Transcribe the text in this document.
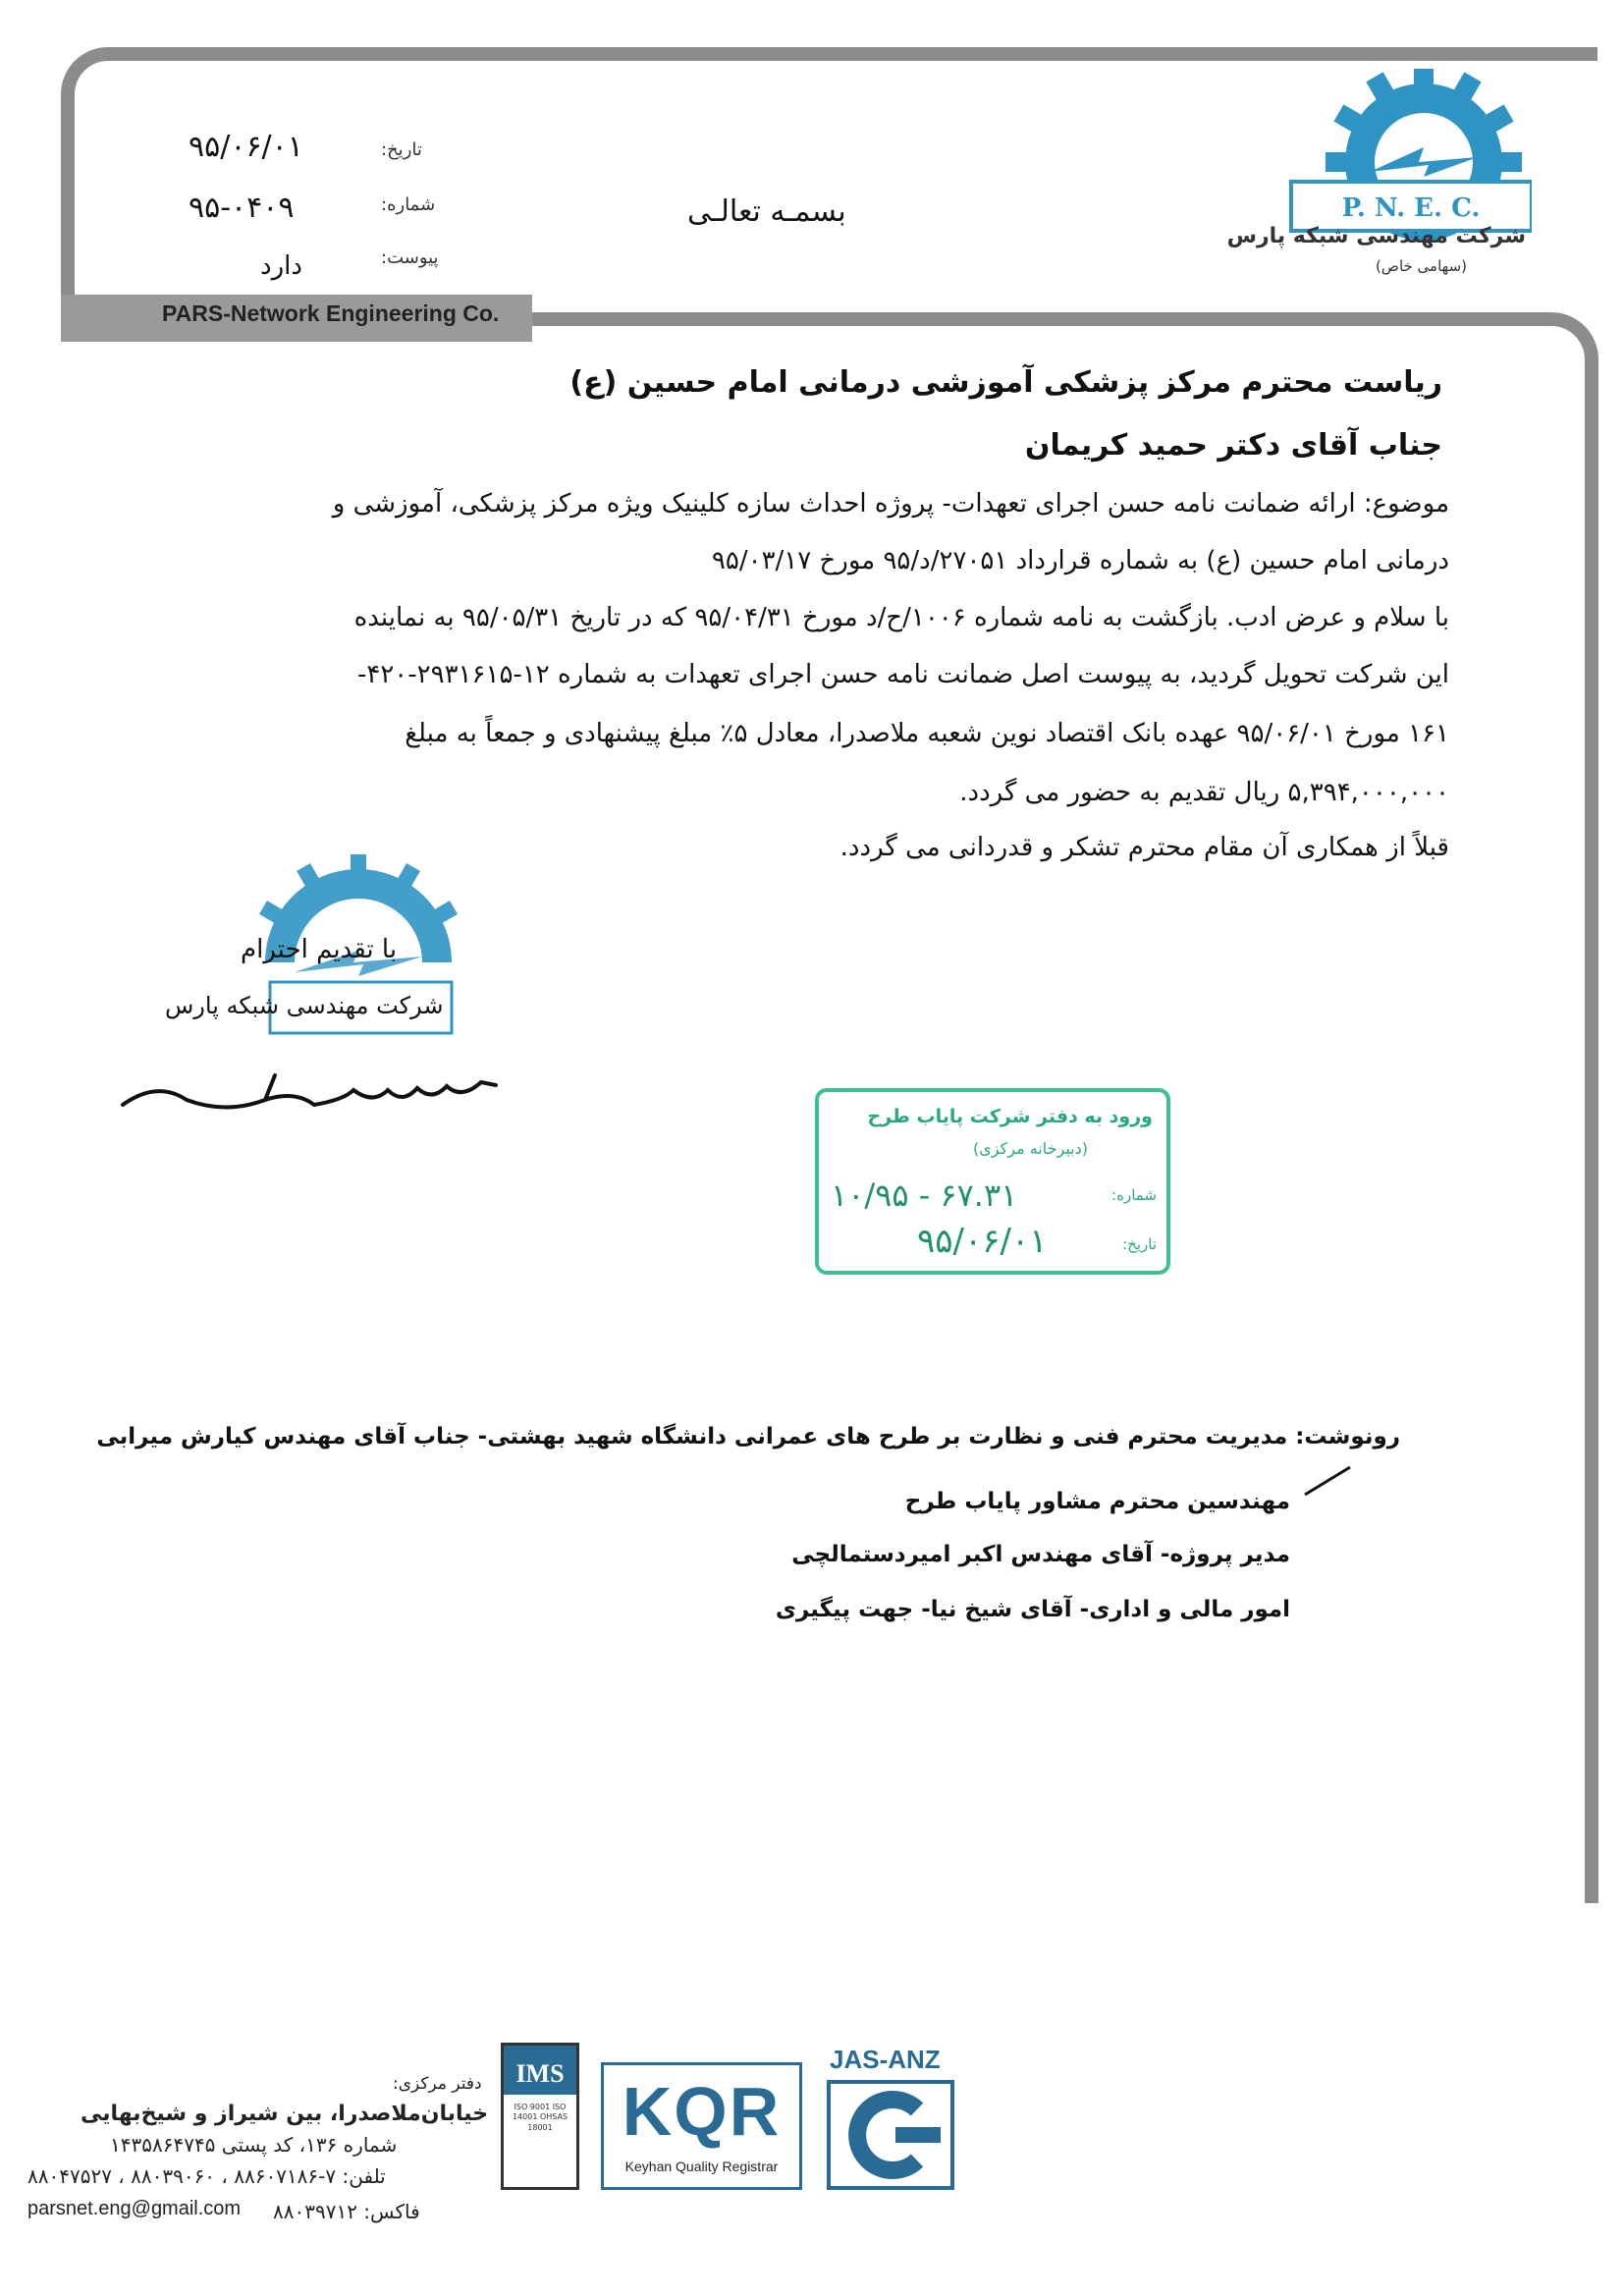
PARS-Network Engineering Co.
تاریخ:
۹۵/۰۶/۰۱
شماره:
۹۵-۰۴۰۹
پیوست:
دارد
بسمـه تعالـی	P. N. E. C.
شرکت مهندسی شبکه پارس
(سهامی خاص)
ریاست محترم مرکز پزشکی آموزشی درمانی امام حسین (ع)
جناب آقای دکتر حمید کریمان
موضوع: ارائه ضمانت نامه حسن اجرای تعهدات- پروژه احداث سازه کلینیک ویژه مرکز پزشکی، آموزشی و
درمانی امام حسین (ع) به شماره قرارداد ۲۷۰۵۱/د/۹۵ مورخ ۹۵/۰۳/۱۷
با سلام و عرض ادب. بازگشت به نامه شماره ۱۰۰۶/ح/د مورخ ۹۵/۰۴/۳۱ که در تاریخ ۹۵/۰۵/۳۱ به نماینده
این شرکت تحویل گردید، به پیوست اصل ضمانت نامه حسن اجرای تعهدات به شماره ۱۲-۲۹۳۱۶۱۵-۴۲۰-
۱۶۱ مورخ ۹۵/۰۶/۰۱ عهده بانک اقتصاد نوین شعبه ملاصدرا، معادل ۵٪ مبلغ پیشنهادی و جمعاً به مبلغ
۵,۳۹۴,۰۰۰,۰۰۰ ریال تقدیم به حضور می گردد.
قبلاً از همکاری آن مقام محترم تشکر و قدردانی می گردد.
با تقدیم احترام
شرکت مهندسی شبکه پارس
ورود به دفتر شرکت پایاب طرح
(دبیرخانه مرکزی)
شماره:
۱۰/۹۵ - ۶۷.۳۱
تاریخ:
۹۵/۰۶/۰۱
رونوشت: مدیریت محترم فنی و نظارت بر طرح های عمرانی دانشگاه شهید بهشتی- جناب آقای مهندس کیارش میرابی
مهندسین محترم مشاور پایاب طرح
مدیر پروژه- آقای مهندس اکبر امیردستمالچی
امور مالی و اداری- آقای شیخ نیا- جهت پیگیری
دفتر مرکزی:
خیابان‌ملاصدرا، بین شیراز و شیخ‌بهایی
شماره ۱۳۶، کد پستی ۱۴۳۵۸۶۴۷۴۵
تلفن: ۷-۸۸۶۰۷۱۸۶ ، ۸۸۰۳۹۰۶۰ ، ۸۸۰۴۷۵۲۷
فاکس: ۸۸۰۳۹۷۱۲
parsnet.eng@gmail.com
IMS
ISO 9001 ISO 14001 OHSAS 18001	KQR
Keyhan Quality Registrar
JAS-ANZ
